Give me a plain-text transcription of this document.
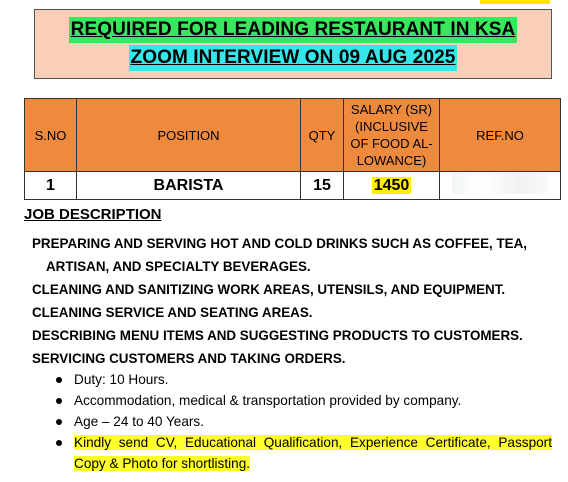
REQUIRED FOR LEADING RESTAURANT IN KSA
ZOOM INTERVIEW ON 09 AUG 2025
S.NO	POSITION	QTY	SALARY (SR)
(INCLUSIVE
OF FOOD AL-
LOWANCE)	REF.NO
1	BARISTA	15	1450	
JOB DESCRIPTION

PREPARING AND SERVING HOT AND COLD DRINKS SUCH AS COFFEE, TEA,

ARTISAN, AND SPECIALTY BEVERAGES.

CLEANING AND SANITIZING WORK AREAS, UTENSILS, AND EQUIPMENT.

CLEANING SERVICE AND SEATING AREAS.

DESCRIBING MENU ITEMS AND SUGGESTING PRODUCTS TO CUSTOMERS.

SERVICING CUSTOMERS AND TAKING ORDERS.

Duty: 10 Hours.
Accommodation, medical & transportation provided by company.
Age – 24 to 40 Years.
Kindly send CV, Educational Qualification, Experience Certificate, Passport Copy & Photo for shortlisting.
